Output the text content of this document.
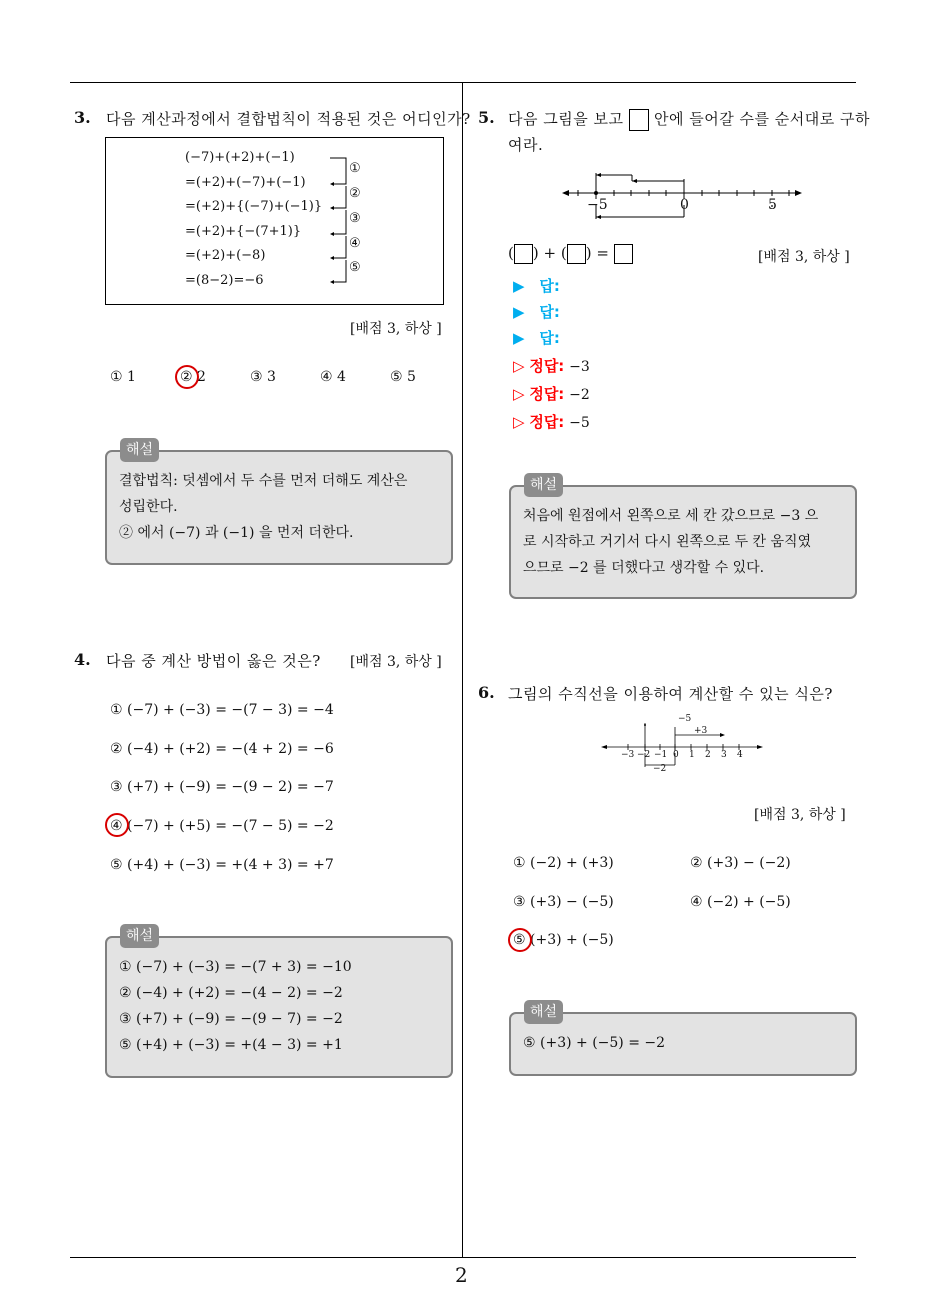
2
3. 다음 계산과정에서 결합법칙이 적용된 것은 어디인가?
(−7)+(+2)+(−1)
=(+2)+(−7)+(−1)
=(+2)+{(−7)+(−1)}
=(+2)+{−(7+1)}
=(+2)+(−8)
=(8−2)=−6
①
②
③
④
⑤
[배점 3, 하상 ]
① 1	② 2	③ 3	④ 4	⑤ 5
결합법칙: 덧셈에서 두 수를 먼저 더해도 계산은
성립한다.
② 에서 (−7) 과 (−1) 을 먼저 더한다.
해설
4. 다음 중 계산 방법이 옳은 것은? [배점 3, 하상 ]
① (−7) + (−3) = −(7 − 3) = −4
② (−4) + (+2) = −(4 + 2) = −6
③ (+7) + (−9) = −(9 − 2) = −7
④ (−7) + (+5) = −(7 − 5) = −2
⑤ (+4) + (−3) = +(4 + 3) = +7
① (−7) + (−3) = −(7 + 3) = −10
② (−4) + (+2) = −(4 − 2) = −2
③ (+7) + (−9) = −(9 − 7) = −2
⑤ (+4) + (−3) = +(4 − 3) = +1
해설
5. 다음 그림을 보고 안에 들어갈 수를 순서대로 구하
여라.
−5	0	5
( ) + ( ) =	[배점 3, 하상 ]
▶ 답:
▶ 답:
▶ 답:
▷ 정답: −3
▷ 정답: −2
▷ 정답: −5
처음에 원점에서 왼쪽으로 세 칸 갔으므로 −3 으
로 시작하고 거기서 다시 왼쪽으로 두 칸 움직였
으므로 −2 를 더했다고 생각할 수 있다.
해설
6. 그림의 수직선을 이용하여 계산할 수 있는 식은?
−5
+3
−2
−3 −2 −1 0 1 2 3 4
[배점 3, 하상 ]
① (−2) + (+3)	② (+3) − (−2)
③ (+3) − (−5)	④ (−2) + (−5)
⑤ (+3) + (−5)
⑤ (+3) + (−5) = −2
해설
